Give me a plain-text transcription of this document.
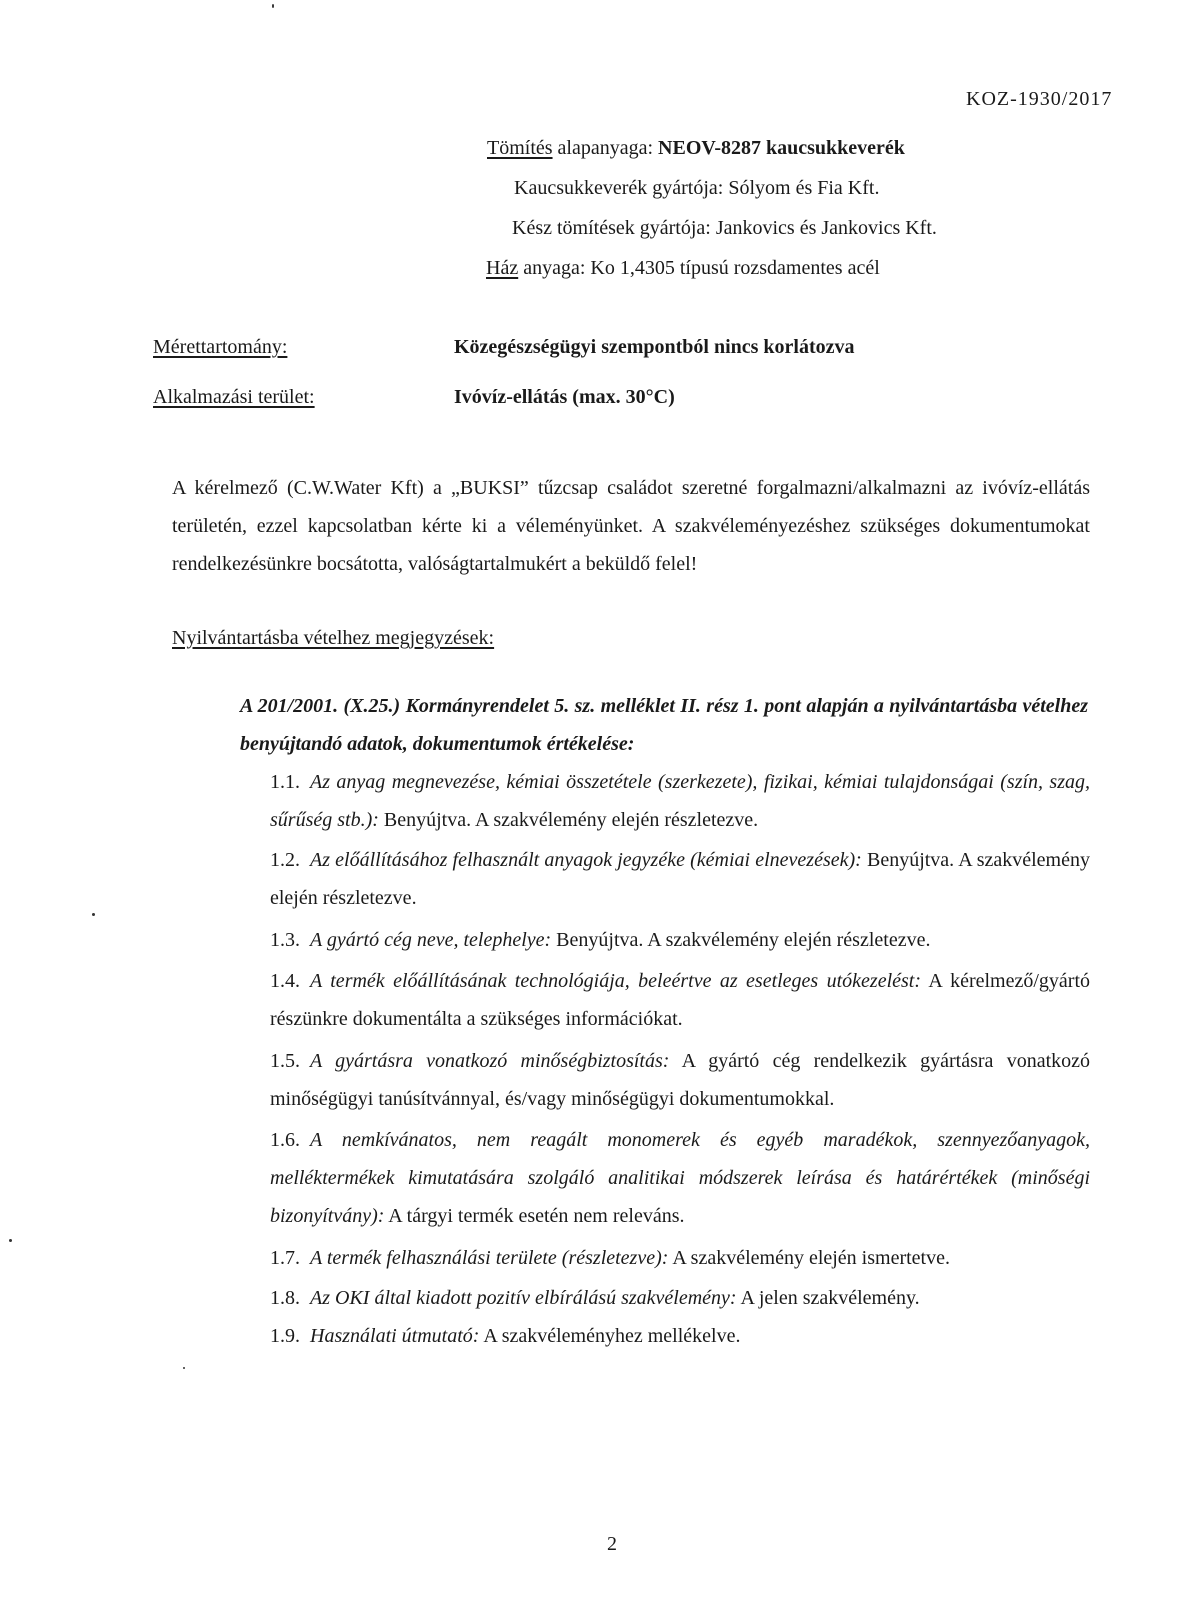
KOZ-1930/2017
Tömítés alapanyaga: NEOV-8287 kaucsukkeverék
Kaucsukkeverék gyártója: Sólyom és Fia Kft.
Kész tömítések gyártója: Jankovics és Jankovics Kft.
Ház anyaga: Ko 1,4305 típusú rozsdamentes acél
Mérettartomány:	Közegészségügyi szempontból nincs korlátozva
Alkalmazási terület:	Ivóvíz-ellátás (max. 30°C)
A kérelmező (C.W.Water Kft) a „BUKSI” tűzcsap családot szeretné forgalmazni/alkalmazni az ivóvíz-ellátás területén, ezzel kapcsolatban kérte ki a véleményünket. A szakvéleményezéshez szükséges dokumentumokat rendelkezésünkre bocsátotta, valóságtartalmukért a beküldő felel!
Nyilvántartásba vételhez megjegyzések:
A 201/2001. (X.25.) Kormányrendelet 5. sz. melléklet II. rész 1. pont alapján a nyilvántartásba vételhez benyújtandó adatok, dokumentumok értékelése:
1.1. Az anyag megnevezése, kémiai összetétele (szerkezete), fizikai, kémiai tulajdonságai (szín, szag, sűrűség stb.): Benyújtva. A szakvélemény elején részletezve.
1.2. Az előállításához felhasznált anyagok jegyzéke (kémiai elnevezések): Benyújtva. A szakvélemény elején részletezve.
1.3. A gyártó cég neve, telephelye: Benyújtva. A szakvélemény elején részletezve.
1.4. A termék előállításának technológiája, beleértve az esetleges utókezelést: A kérelmező/gyártó részünkre dokumentálta a szükséges információkat.
1.5. A gyártásra vonatkozó minőségbiztosítás: A gyártó cég rendelkezik gyártásra vonatkozó minőségügyi tanúsítvánnyal, és/vagy minőségügyi dokumentumokkal.
1.6. A nemkívánatos, nem reagált monomerek és egyéb maradékok, szennyezőanyagok, melléktermékek kimutatására szolgáló analitikai módszerek leírása és határértékek (minőségi bizonyítvány): A tárgyi termék esetén nem releváns.
1.7. A termék felhasználási területe (részletezve): A szakvélemény elején ismertetve.
1.8. Az OKI által kiadott pozitív elbírálású szakvélemény: A jelen szakvélemény.
1.9. Használati útmutató: A szakvéleményhez mellékelve.
2
